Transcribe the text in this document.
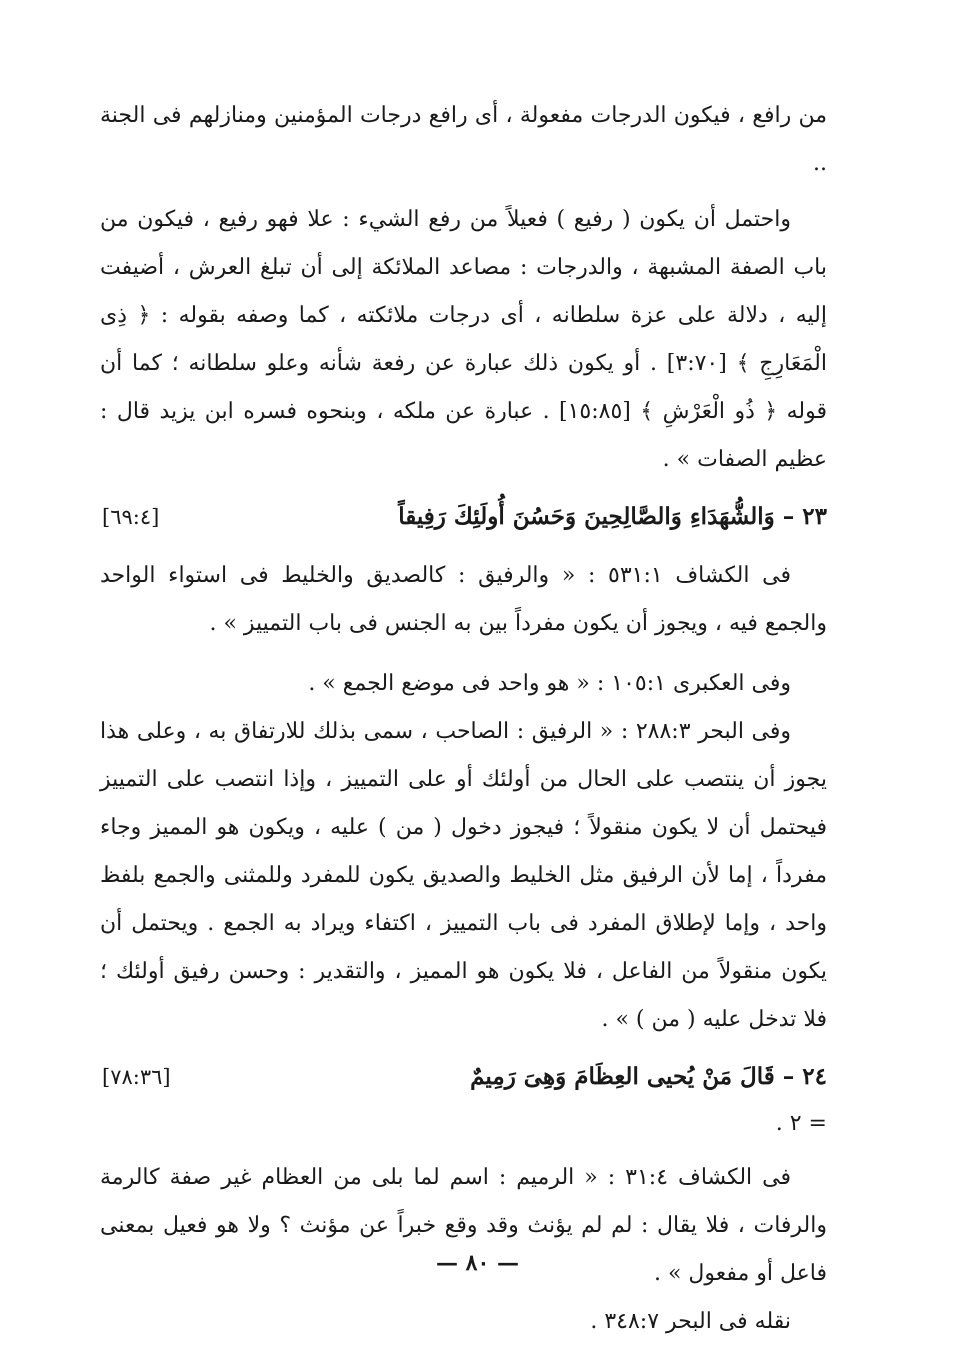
من رافع ، فيكون الدرجات مفعولة ، أى رافع درجات المؤمنين ومنازلهم فى الجنة ..

واحتمل أن يكون ( رفيع ) فعيلاً من رفع الشيء : علا فهو رفيع ، فيكون من باب الصفة المشبهة ، والدرجات : مصاعد الملائكة إلى أن تبلغ العرش ، أضيفت إليه ، دلالة على عزة سلطانه ، أى درجات ملائكته ، كما وصفه بقوله : ﴿ ذِى الْمَعَارِجِ ﴾ [٣:٧٠] . أو يكون ذلك عبارة عن رفعة شأنه وعلو سلطانه ؛ كما أن قوله ﴿ ذُو الْعَرْشِ ﴾ [١٥:٨٥] . عبارة عن ملكه ، وبنحوه فسره ابن يزيد قال : عظيم الصفات » .

٢٣ – وَالشُّهَدَاءِ وَالصَّالِحِينَ وَحَسُنَ أُولَئِكَ رَفِيقاً
[٦٩:٤]

فى الكشاف ٥٣١:١ : « والرفيق : كالصديق والخليط فى استواء الواحد والجمع فيه ، ويجوز أن يكون مفرداً بين به الجنس فى باب التمييز » .

وفى العكبرى ١٠٥:١ : « هو واحد فى موضع الجمع » .

وفى البحر ٢٨٨:٣ : « الرفيق : الصاحب ، سمى بذلك للارتفاق به ، وعلى هذا يجوز أن ينتصب على الحال من أولئك أو على التمييز ، وإذا انتصب على التمييز فيحتمل أن لا يكون منقولاً ؛ فيجوز دخول ( من ) عليه ، ويكون هو المميز وجاء مفرداً ، إما لأن الرفيق مثل الخليط والصديق يكون للمفرد وللمثنى والجمع بلفظ واحد ، وإما لإطلاق المفرد فى باب التمييز ، اكتفاء ويراد به الجمع . ويحتمل أن يكون منقولاً من الفاعل ، فلا يكون هو المميز ، والتقدير : وحسن رفيق أولئك ؛ فلا تدخل عليه ( من ) » .

٢٤ – قَالَ مَنْ يُحيى العِظَامَ وَهِىَ رَمِيمٌ
[٧٨:٣٦]
= ٢ .

فى الكشاف ٣١:٤ : « الرميم : اسم لما بلى من العظام غير صفة كالرمة والرفات ، فلا يقال : لم لم يؤنث وقد وقع خبراً عن مؤنث ؟ ولا هو فعيل بمعنى فاعل أو مفعول » .

نقله فى البحر ٣٤٨:٧ .

— ٨٠ —
